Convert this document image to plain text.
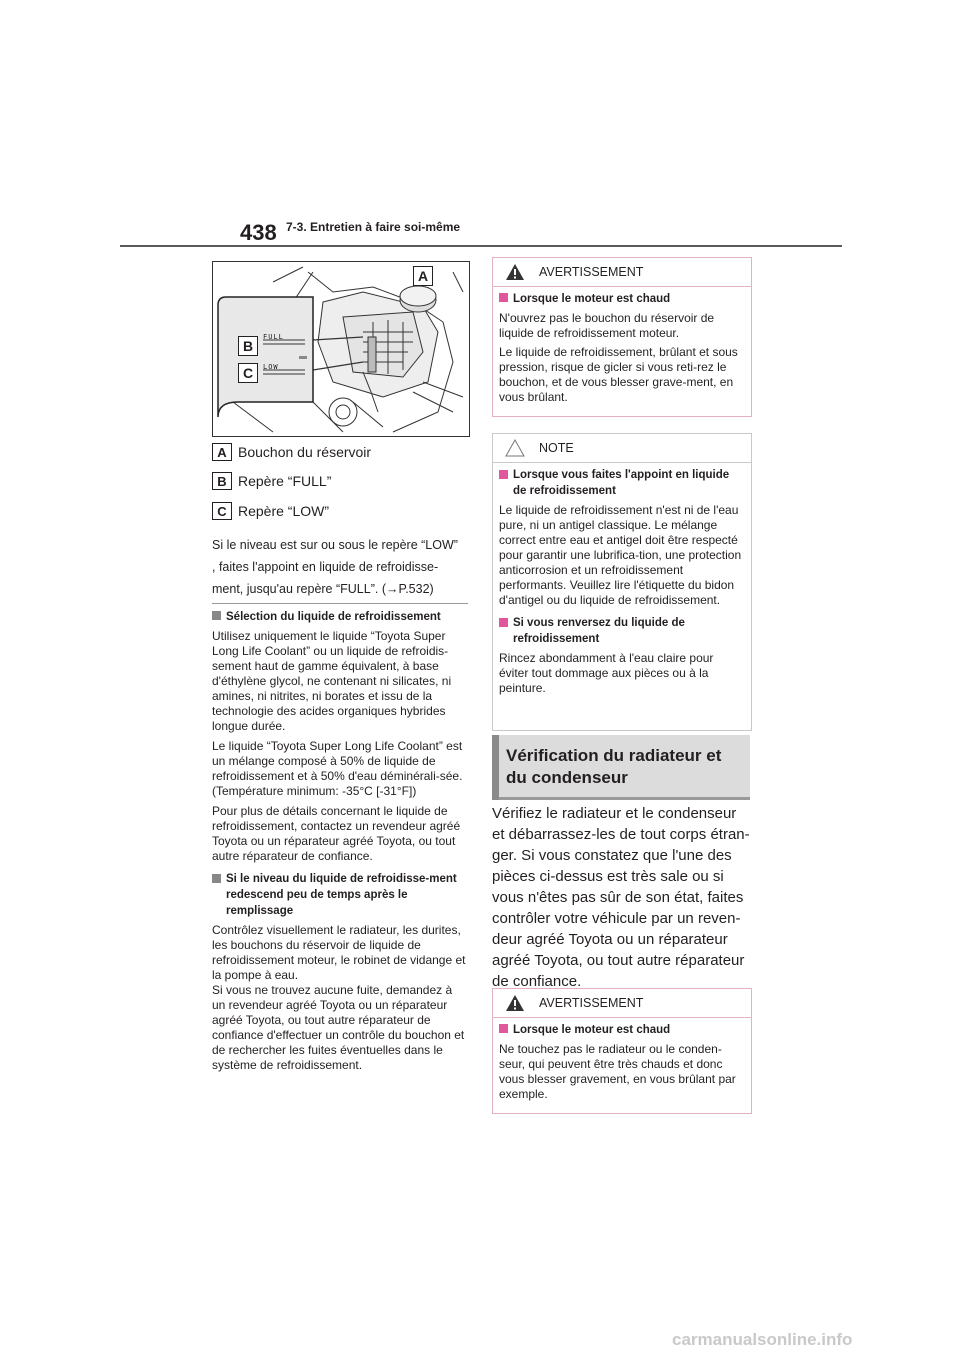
438 7-3. Entretien à faire soi-même
FULL
LOW
A
B
C
A Bouchon du réservoir
B Repère “FULL”
C Repère “LOW”
Si le niveau est sur ou sous le repère “LOW”
, faites l'appoint en liquide de refroidisse-
ment, jusqu'au repère “FULL”. (→P.532)
Sélection du liquide de refroidissement
Utilisez uniquement le liquide “Toyota Super Long Life Coolant” ou un liquide de refroidis-sement haut de gamme équivalent, à base d'éthylène glycol, ne contenant ni silicates, ni amines, ni nitrites, ni borates et issu de la technologie des acides organiques hybrides longue durée.
Le liquide “Toyota Super Long Life Coolant” est un mélange composé à 50% de liquide de refroidissement et à 50% d'eau déminérali-sée. (Température minimum: -35°C [-31°F])
Pour plus de détails concernant le liquide de refroidissement, contactez un revendeur agréé Toyota ou un réparateur agréé Toyota, ou tout autre réparateur de confiance.
Si le niveau du liquide de refroidisse-ment redescend peu de temps après le remplissage
Contrôlez visuellement le radiateur, les durites, les bouchons du réservoir de liquide de refroidissement moteur, le robinet de vidange et la pompe à eau.
Si vous ne trouvez aucune fuite, demandez à un revendeur agréé Toyota ou un réparateur agréé Toyota, ou tout autre réparateur de confiance d'effectuer un contrôle du bouchon et de rechercher les fuites éventuelles dans le système de refroidissement.
AVERTISSEMENT
Lorsque le moteur est chaud
N'ouvrez pas le bouchon du réservoir de liquide de refroidissement moteur.
Le liquide de refroidissement, brûlant et sous pression, risque de gicler si vous reti-rez le bouchon, et de vous blesser grave-ment, en vous brûlant.
NOTE
Lorsque vous faites l'appoint en liquide de refroidissement
Le liquide de refroidissement n'est ni de l'eau pure, ni un antigel classique. Le mélange correct entre eau et antigel doit être respecté pour garantir une lubrifica-tion, une protection anticorrosion et un refroidissement performants. Veuillez lire l'étiquette du bidon d'antigel ou du liquide de refroidissement.
Si vous renversez du liquide de refroidissement
Rincez abondamment à l'eau claire pour éviter tout dommage aux pièces ou à la peinture.
Vérification du radiateur et du condenseur
Vérifiez le radiateur et le condenseur et débarrassez-les de tout corps étran-ger. Si vous constatez que l'une des pièces ci-dessus est très sale ou si vous n'êtes pas sûr de son état, faites contrôler votre véhicule par un reven-deur agréé Toyota ou un réparateur agréé Toyota, ou tout autre réparateur de confiance.
AVERTISSEMENT
Lorsque le moteur est chaud
Ne touchez pas le radiateur ou le conden-seur, qui peuvent être très chauds et donc vous blesser gravement, en vous brûlant par exemple.
carmanualsonline.info
